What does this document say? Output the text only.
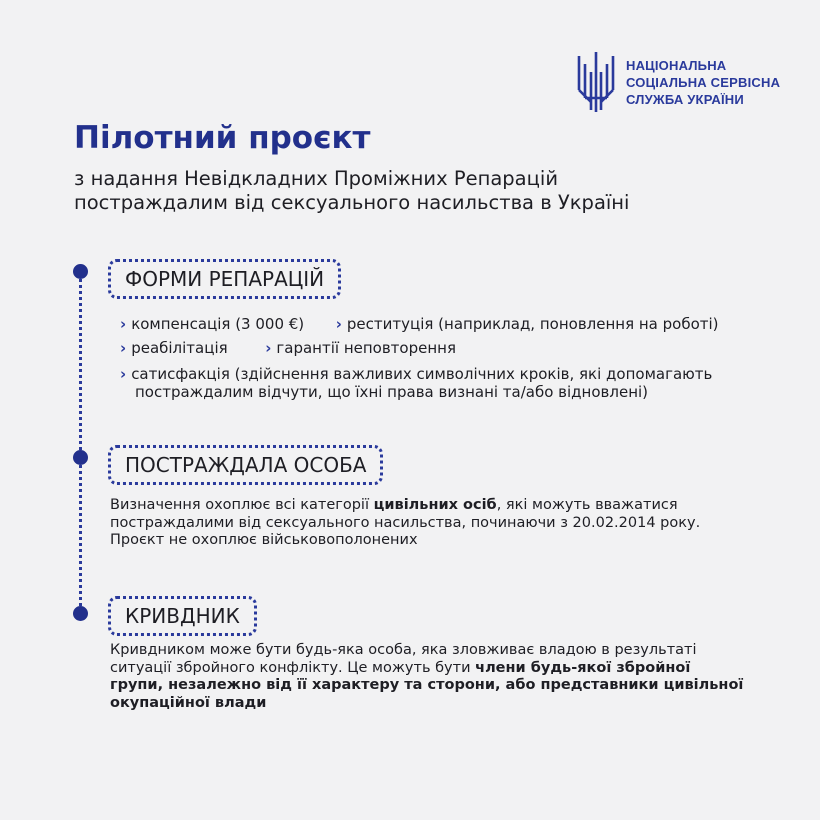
НАЦІОНАЛЬНА
СОЦІАЛЬНА СЕРВІСНА
СЛУЖБА УКРАЇНИ
Пілотний проєкт
з надання Невідкладних Проміжних Репарацій
постраждалим від сексуального насильства в Україні
ФОРМИ РЕПАРАЦІЙ
› компенсація (3 000 €) › реституція (наприклад, поновлення на роботі)
› реабілітація	› гарантії неповторення
› сатисфакція (здійснення важливих символічних кроків, які допомагають
постраждалим відчути, що їхні права визнані та/або відновлені)
ПОСТРАЖДАЛА ОСОБА
Визначення охоплює всі категорії цивільних осіб, які можуть вважатися
постраждалими від сексуального насильства, починаючи з 20.02.2014 року.
Проєкт не охоплює військовополонених
КРИВДНИК
Кривдником може бути будь-яка особа, яка зловживає владою в результаті
ситуації збройного конфлікту. Це можуть бути члени будь-якої збройної
групи, незалежно від її характеру та сторони, або представники цивільної
окупаційної влади
